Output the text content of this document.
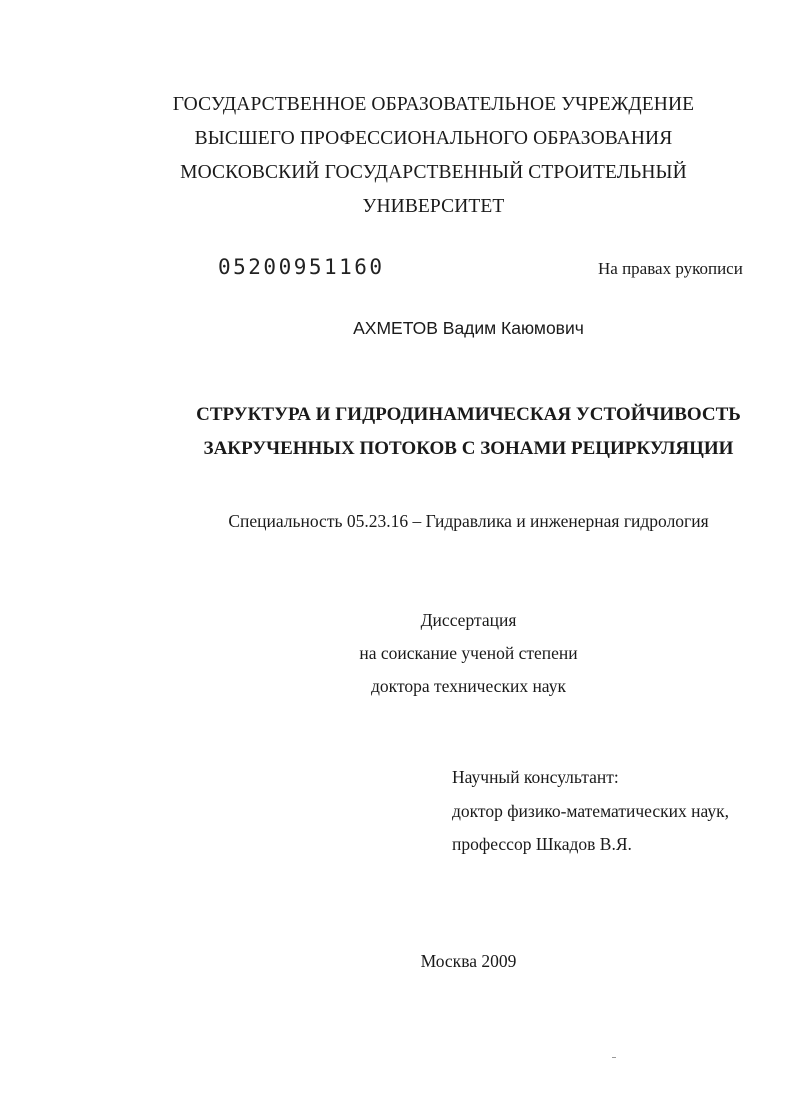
ГОСУДАРСТВЕННОЕ ОБРАЗОВАТЕЛЬНОЕ УЧРЕЖДЕНИЕ
ВЫСШЕГО ПРОФЕССИОНАЛЬНОГО ОБРАЗОВАНИЯ
МОСКОВСКИЙ ГОСУДАРСТВЕННЫЙ СТРОИТЕЛЬНЫЙ
УНИВЕРСИТЕТ
05200951160	На правах рукописи
АХМЕТОВ Вадим Каюмович
СТРУКТУРА И ГИДРОДИНАМИЧЕСКАЯ УСТОЙЧИВОСТЬ
ЗАКРУЧЕННЫХ ПОТОКОВ С ЗОНАМИ РЕЦИРКУЛЯЦИИ
Специальность 05.23.16 – Гидравлика и инженерная гидрология
Диссертация
на соискание ученой степени
доктора технических наук
Научный консультант:
доктор физико-математических наук,
профессор Шкадов В.Я.
Москва 2009
